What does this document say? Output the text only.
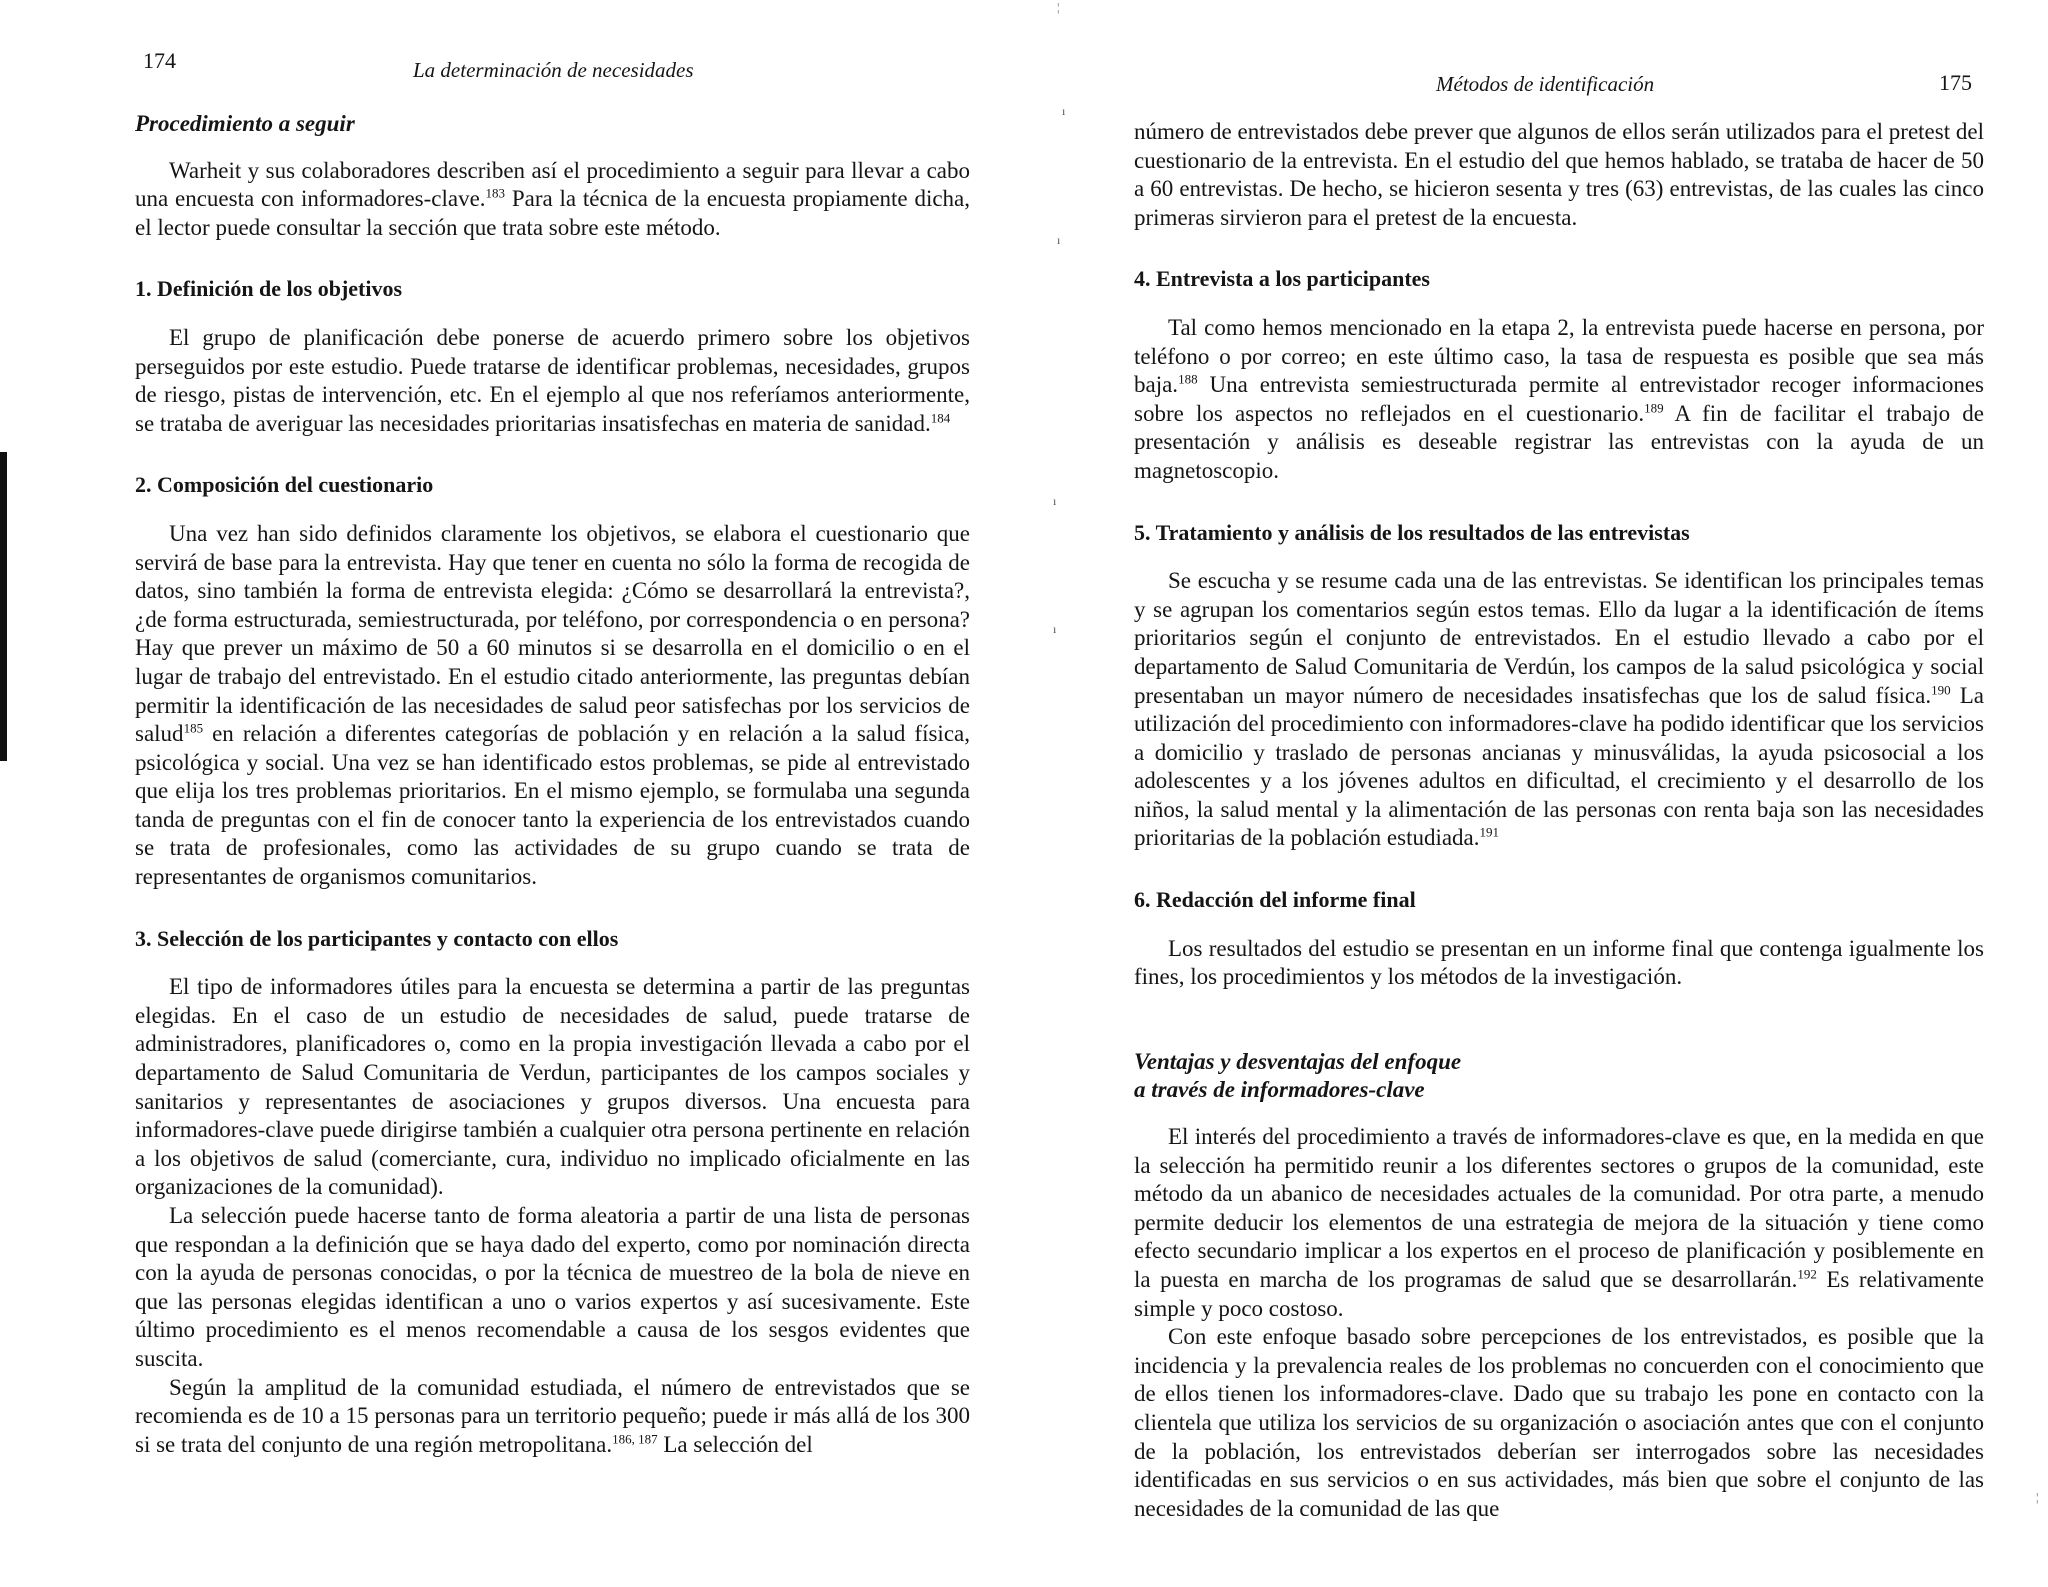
¦
ı
ı
ı
ı
¦
174	La determinación de necesidades
Procedimiento a seguir

Warheit y sus colaboradores describen así el procedimiento a seguir para llevar a cabo una encuesta con informadores-clave.$^{183}$ Para la técnica de la encuesta propiamente dicha, el lector puede consultar la sección que trata sobre este método.

1. Definición de los objetivos

El grupo de planificación debe ponerse de acuerdo primero sobre los objetivos perseguidos por este estudio. Puede tratarse de identificar problemas, necesidades, grupos de riesgo, pistas de intervención, etc. En el ejemplo al que nos referíamos anteriormente, se trataba de averiguar las necesidades prioritarias insatisfechas en materia de sanidad.$^{184}$

2. Composición del cuestionario

Una vez han sido definidos claramente los objetivos, se elabora el cuestionario que servirá de base para la entrevista. Hay que tener en cuenta no sólo la forma de recogida de datos, sino también la forma de entrevista elegida: ¿Cómo se desarrollará la entrevista?, ¿de forma estructurada, semiestructurada, por teléfono, por correspondencia o en persona? Hay que prever un máximo de 50 a 60 minutos si se desarrolla en el domicilio o en el lugar de trabajo del entrevistado. En el estudio citado anteriormente, las preguntas debían permitir la identificación de las necesidades de salud peor satisfechas por los servicios de salud$^{185}$ en relación a diferentes categorías de población y en relación a la salud física, psicológica y social. Una vez se han identificado estos problemas, se pide al entrevistado que elija los tres problemas prioritarios. En el mismo ejemplo, se formulaba una segunda tanda de preguntas con el fin de conocer tanto la experiencia de los entrevistados cuando se trata de profesionales, como las actividades de su grupo cuando se trata de representantes de organismos comunitarios.

3. Selección de los participantes y contacto con ellos

El tipo de informadores útiles para la encuesta se determina a partir de las preguntas elegidas. En el caso de un estudio de necesidades de salud, puede tratarse de administradores, planificadores o, como en la propia investigación llevada a cabo por el departamento de Salud Comunitaria de Verdun, participantes de los campos sociales y sanitarios y representantes de asociaciones y grupos diversos. Una encuesta para informadores-clave puede dirigirse también a cualquier otra persona pertinente en relación a los objetivos de salud (comerciante, cura, individuo no implicado oficialmente en las organizaciones de la comunidad).

La selección puede hacerse tanto de forma aleatoria a partir de una lista de personas que respondan a la definición que se haya dado del experto, como por nominación directa con la ayuda de personas conocidas, o por la técnica de muestreo de la bola de nieve en que las personas elegidas identifican a uno o varios expertos y así sucesivamente. Este último procedimiento es el menos recomendable a causa de los sesgos evidentes que suscita.

Según la amplitud de la comunidad estudiada, el número de entrevistados que se recomienda es de 10 a 15 personas para un territorio pequeño; puede ir más allá de los 300 si se trata del conjunto de una región metropolitana.$^{186, 187}$ La selección del

Métodos de identificación	175

número de entrevistados debe prever que algunos de ellos serán utilizados para el pretest del cuestionario de la entrevista. En el estudio del que hemos hablado, se trataba de hacer de 50 a 60 entrevistas. De hecho, se hicieron sesenta y tres (63) entrevistas, de las cuales las cinco primeras sirvieron para el pretest de la encuesta.

4. Entrevista a los participantes

Tal como hemos mencionado en la etapa 2, la entrevista puede hacerse en persona, por teléfono o por correo; en este último caso, la tasa de respuesta es posible que sea más baja.$^{188}$ Una entrevista semiestructurada permite al entrevistador recoger informaciones sobre los aspectos no reflejados en el cuestionario.$^{189}$ A fin de facilitar el trabajo de presentación y análisis es deseable registrar las entrevistas con la ayuda de un magnetoscopio.

5. Tratamiento y análisis de los resultados de las entrevistas

Se escucha y se resume cada una de las entrevistas. Se identifican los principales temas y se agrupan los comentarios según estos temas. Ello da lugar a la identificación de ítems prioritarios según el conjunto de entrevistados. En el estudio llevado a cabo por el departamento de Salud Comunitaria de Verdún, los campos de la salud psicológica y social presentaban un mayor número de necesidades insatisfechas que los de salud física.$^{190}$ La utilización del procedimiento con informadores-clave ha podido identificar que los servicios a domicilio y traslado de personas ancianas y minusválidas, la ayuda psicosocial a los adolescentes y a los jóvenes adultos en dificultad, el crecimiento y el desarrollo de los niños, la salud mental y la alimentación de las personas con renta baja son las necesidades prioritarias de la población estudiada.$^{191}$

6. Redacción del informe final

Los resultados del estudio se presentan en un informe final que contenga igualmente los fines, los procedimientos y los métodos de la investigación.

Ventajas y desventajas del enfoque
a través de informadores-clave

El interés del procedimiento a través de informadores-clave es que, en la medida en que la selección ha permitido reunir a los diferentes sectores o grupos de la comunidad, este método da un abanico de necesidades actuales de la comunidad. Por otra parte, a menudo permite deducir los elementos de una estrategia de mejora de la situación y tiene como efecto secundario implicar a los expertos en el proceso de planificación y posiblemente en la puesta en marcha de los programas de salud que se desarrollarán.$^{192}$ Es relativamente simple y poco costoso.

Con este enfoque basado sobre percepciones de los entrevistados, es posible que la incidencia y la prevalencia reales de los problemas no concuerden con el conocimiento que de ellos tienen los informadores-clave. Dado que su trabajo les pone en contacto con la clientela que utiliza los servicios de su organización o asociación antes que con el conjunto de la población, los entrevistados deberían ser interrogados sobre las necesidades identificadas en sus servicios o en sus actividades, más bien que sobre el conjunto de las necesidades de la comunidad de las que
